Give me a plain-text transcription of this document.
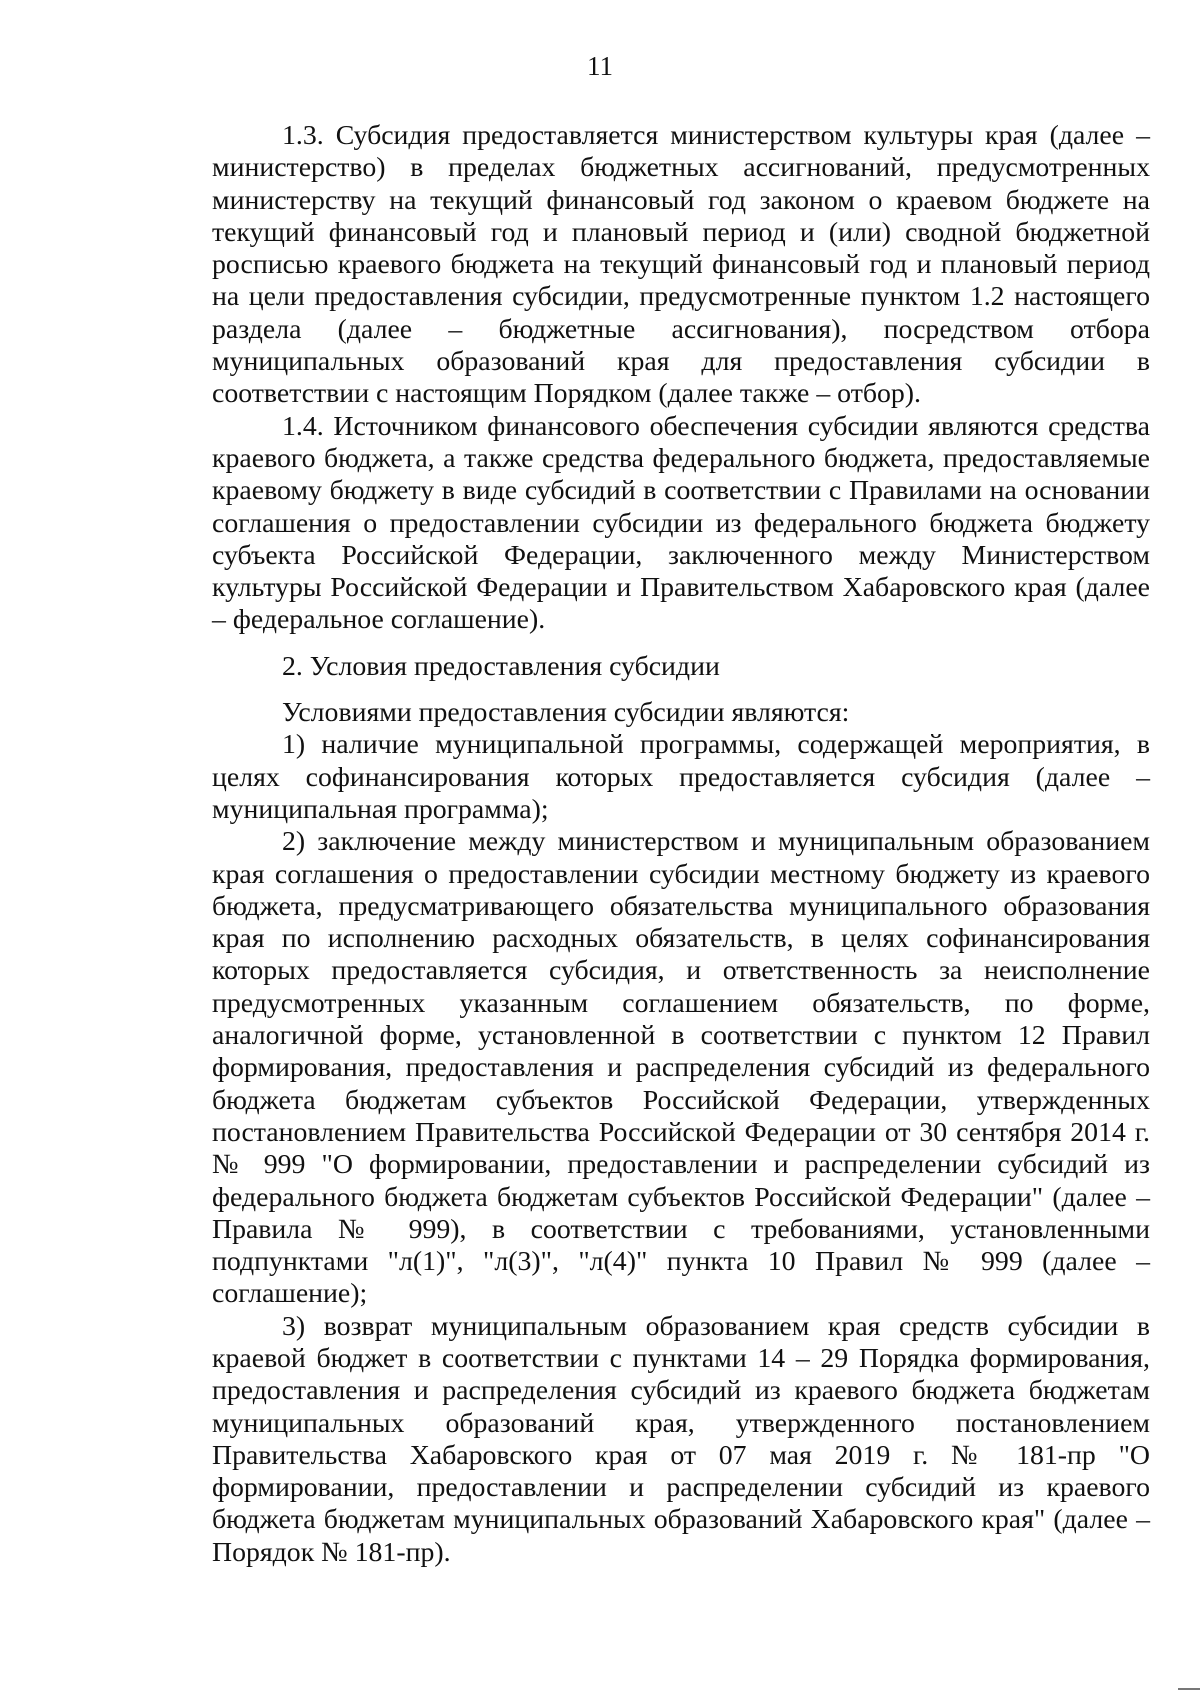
11

1.3. Субсидия предоставляется министерством культуры края (далее – министерство) в пределах бюджетных ассигнований, предусмотренных министерству на текущий финансовый год законом о краевом бюджете на текущий финансовый год и плановый период и (или) сводной бюджетной росписью краевого бюджета на текущий финансовый год и плановый период на цели предоставления субсидии, предусмотренные пунктом 1.2 настоящего раздела (далее – бюджетные ассигнования), посредством отбора муниципальных образований края для предоставления субсидии в соответствии с настоящим Порядком (далее также – отбор).

1.4. Источником финансового обеспечения субсидии являются средства краевого бюджета, а также средства федерального бюджета, предоставляемые краевому бюджету в виде субсидий в соответствии с Правилами на основании соглашения о предоставлении субсидии из федерального бюджета бюджету субъекта Российской Федерации, заключенного между Министерством культуры Российской Федерации и Правительством Хабаровского края (далее – федеральное соглашение).

2. Условия предоставления субсидии

Условиями предоставления субсидии являются:

1) наличие муниципальной программы, содержащей мероприятия, в целях софинансирования которых предоставляется субсидия (далее – муниципальная программа);

2) заключение между министерством и муниципальным образованием края соглашения о предоставлении субсидии местному бюджету из краевого бюджета, предусматривающего обязательства муниципального образования края по исполнению расходных обязательств, в целях софинансирования которых предоставляется субсидия, и ответственность за неисполнение предусмотренных указанным соглашением обязательств, по форме, аналогичной форме, установленной в соответствии с пунктом 12 Правил формирования, предоставления и распределения субсидий из федерального бюджета бюджетам субъектов Российской Федерации, утвержденных постановлением Правительства Российской Федерации от 30 сентября 2014 г. № 999 "О формировании, предоставлении и распределении субсидий из федерального бюджета бюджетам субъектов Российской Федерации" (далее – Правила № 999), в соответствии с требованиями, установленными подпунктами "л(1)", "л(3)", "л(4)" пункта 10 Правил № 999 (далее – соглашение);

3) возврат муниципальным образованием края средств субсидии в краевой бюджет в соответствии с пунктами 14 – 29 Порядка формирования, предоставления и распределения субсидий из краевого бюджета бюджетам муниципальных образований края, утвержденного постановлением Правительства Хабаровского края от 07 мая 2019 г. № 181-пр "О формировании, предоставлении и распределении субсидий из краевого бюджета бюджетам муниципальных образований Хабаровского края" (далее – Порядок № 181-пр).
